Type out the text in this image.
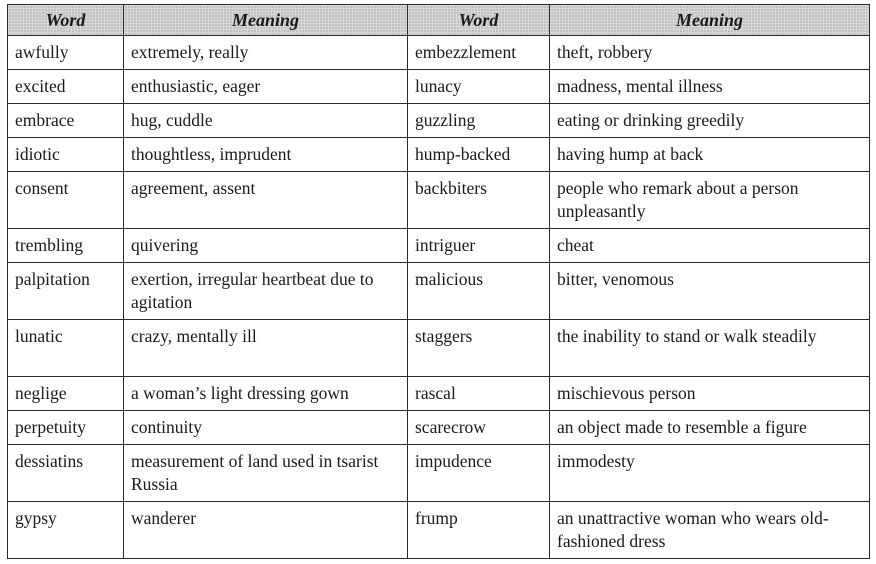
Word	Meaning	Word	Meaning
awfully	extremely, really	embezzlement	theft, robbery
excited	enthusiastic, eager	lunacy	madness, mental illness
embrace	hug, cuddle	guzzling	eating or drinking greedily
idiotic	thoughtless, imprudent	hump-backed	having hump at back
consent	agreement, assent	backbiters	people who remark about a person unpleasantly
trembling	quivering	intriguer	cheat
palpitation	exertion, irregular heartbeat due to agitation	malicious	bitter, venomous
lunatic	crazy, mentally ill	staggers	the inability to stand or walk steadily
neglige	a woman’s light dressing gown	rascal	mischievous person
perpetuity	continuity	scarecrow	an object made to resemble a figure
dessiatins	measurement of land used in tsarist Russia	impudence	immodesty
gypsy	wanderer	frump	an unattractive woman who wears old-fashioned dress
